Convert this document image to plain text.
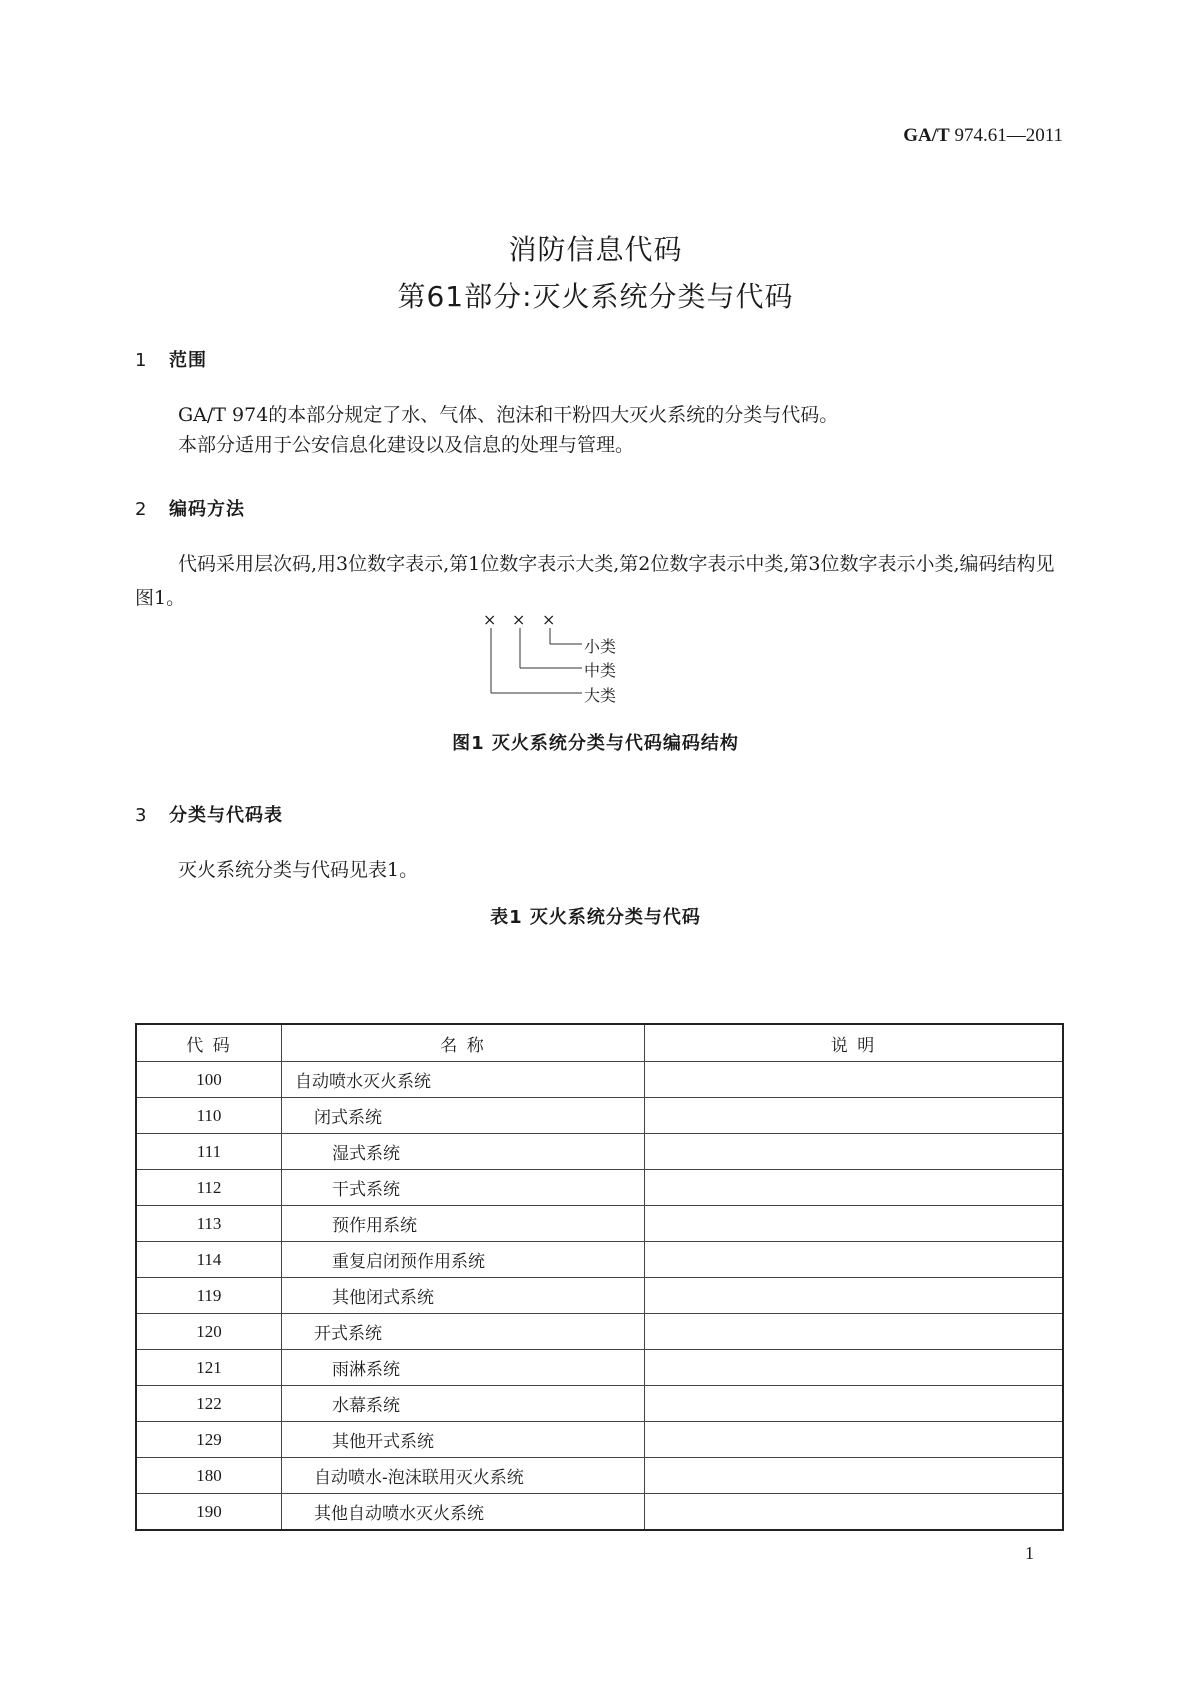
GA/T 974.61—2011
消防信息代码
第61部分:灭火系统分类与代码
1 范围
GA/T 974的本部分规定了水、气体、泡沫和干粉四大灭火系统的分类与代码。
本部分适用于公安信息化建设以及信息的处理与管理。
2 编码方法
代码采用层次码,用3位数字表示,第1位数字表示大类,第2位数字表示中类,第3位数字表示小类,编码结构见图1。
× × ×
小类
中类
大类
图1 灭火系统分类与代码编码结构
3 分类与代码表
灭火系统分类与代码见表1。
表1 灭火系统分类与代码
代 码	名 称	说 明
100	自动喷水灭火系统	
110	闭式系统	
111	湿式系统	
112	干式系统	
113	预作用系统	
114	重复启闭预作用系统	
119	其他闭式系统	
120	开式系统	
121	雨淋系统	
122	水幕系统	
129	其他开式系统	
180	自动喷水-泡沫联用灭火系统	
190	其他自动喷水灭火系统	
1
